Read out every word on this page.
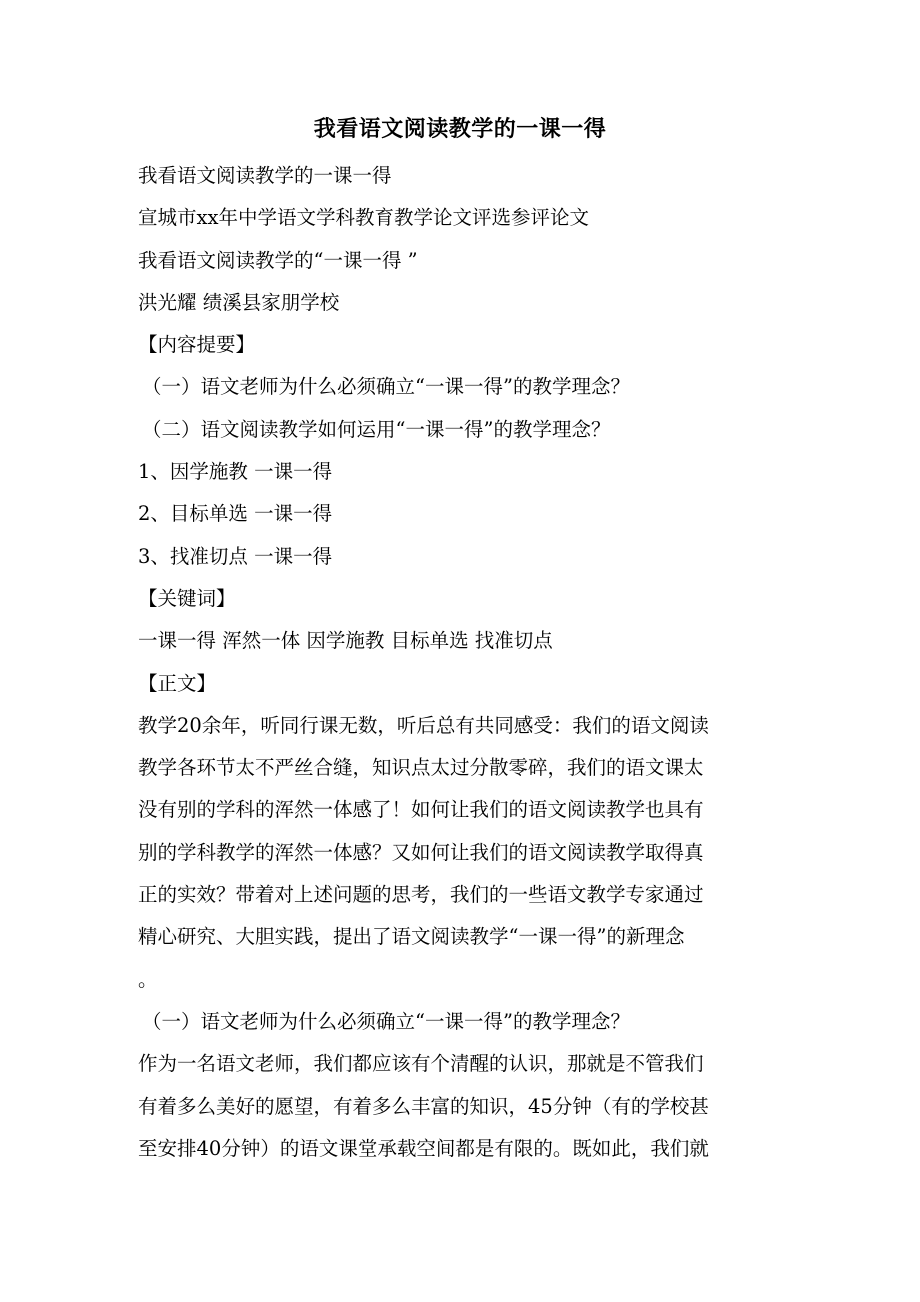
我看语文阅读教学的一课一得
我看语文阅读教学的一课一得
宣城市xx年中学语文学科教育教学论文评选参评论文
我看语文阅读教学的“一课一得 ”
洪光耀 绩溪县家朋学校
【内容提要】
（一）语文老师为什么必须确立“一课一得”的教学理念？
（二）语文阅读教学如何运用“一课一得”的教学理念？
1、因学施教 一课一得
2、目标单选 一课一得
3、找准切点 一课一得
【关键词】
一课一得 浑然一体 因学施教 目标单选 找准切点
【正文】
教学20余年，听同行课无数，听后总有共同感受：我们的语文阅读
教学各环节太不严丝合缝，知识点太过分散零碎，我们的语文课太
没有别的学科的浑然一体感了！如何让我们的语文阅读教学也具有
别的学科教学的浑然一体感？又如何让我们的语文阅读教学取得真
正的实效？带着对上述问题的思考，我们的一些语文教学专家通过
精心研究、大胆实践，提出了语文阅读教学“一课一得”的新理念
。
（一）语文老师为什么必须确立“一课一得”的教学理念？
作为一名语文老师，我们都应该有个清醒的认识，那就是不管我们
有着多么美好的愿望，有着多么丰富的知识，45分钟（有的学校甚
至安排40分钟）的语文课堂承载空间都是有限的。既如此，我们就
